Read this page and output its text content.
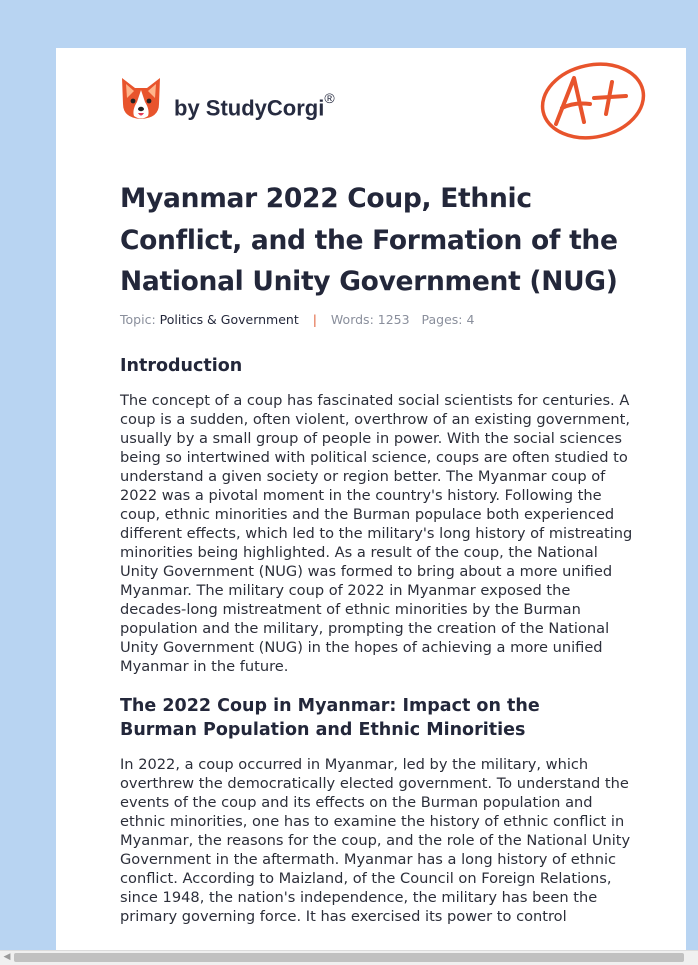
by StudyCorgi®
A+
Myanmar 2022 Coup, Ethnic Conflict, and the Formation of the National Unity Government (NUG)
Topic: Politics & Government | Words: 1253 Pages: 4
Introduction

The concept of a coup has fascinated social scientists for centuries. A coup is a sudden, often violent, overthrow of an existing government, usually by a small group of people in power. With the social sciences being so intertwined with political science, coups are often studied to understand a given society or region better. The Myanmar coup of 2022 was a pivotal moment in the country's history. Following the coup, ethnic minorities and the Burman populace both experienced different effects, which led to the military's long history of mistreating minorities being highlighted. As a result of the coup, the National Unity Government (NUG) was formed to bring about a more unified Myanmar. The military coup of 2022 in Myanmar exposed the decades-long mistreatment of ethnic minorities by the Burman population and the military, prompting the creation of the National Unity Government (NUG) in the hopes of achieving a more unified Myanmar in the future.

The 2022 Coup in Myanmar: Impact on the Burman Population and Ethnic Minorities

In 2022, a coup occurred in Myanmar, led by the military, which overthrew the democratically elected government. To understand the events of the coup and its effects on the Burman population and ethnic minorities, one has to examine the history of ethnic conflict in Myanmar, the reasons for the coup, and the role of the National Unity Government in the aftermath. Myanmar has a long history of ethnic conflict. According to Maizland, of the Council on Foreign Relations, since 1948, the nation's independence, the military has been the primary governing force. It has exercised its power to control

◀
